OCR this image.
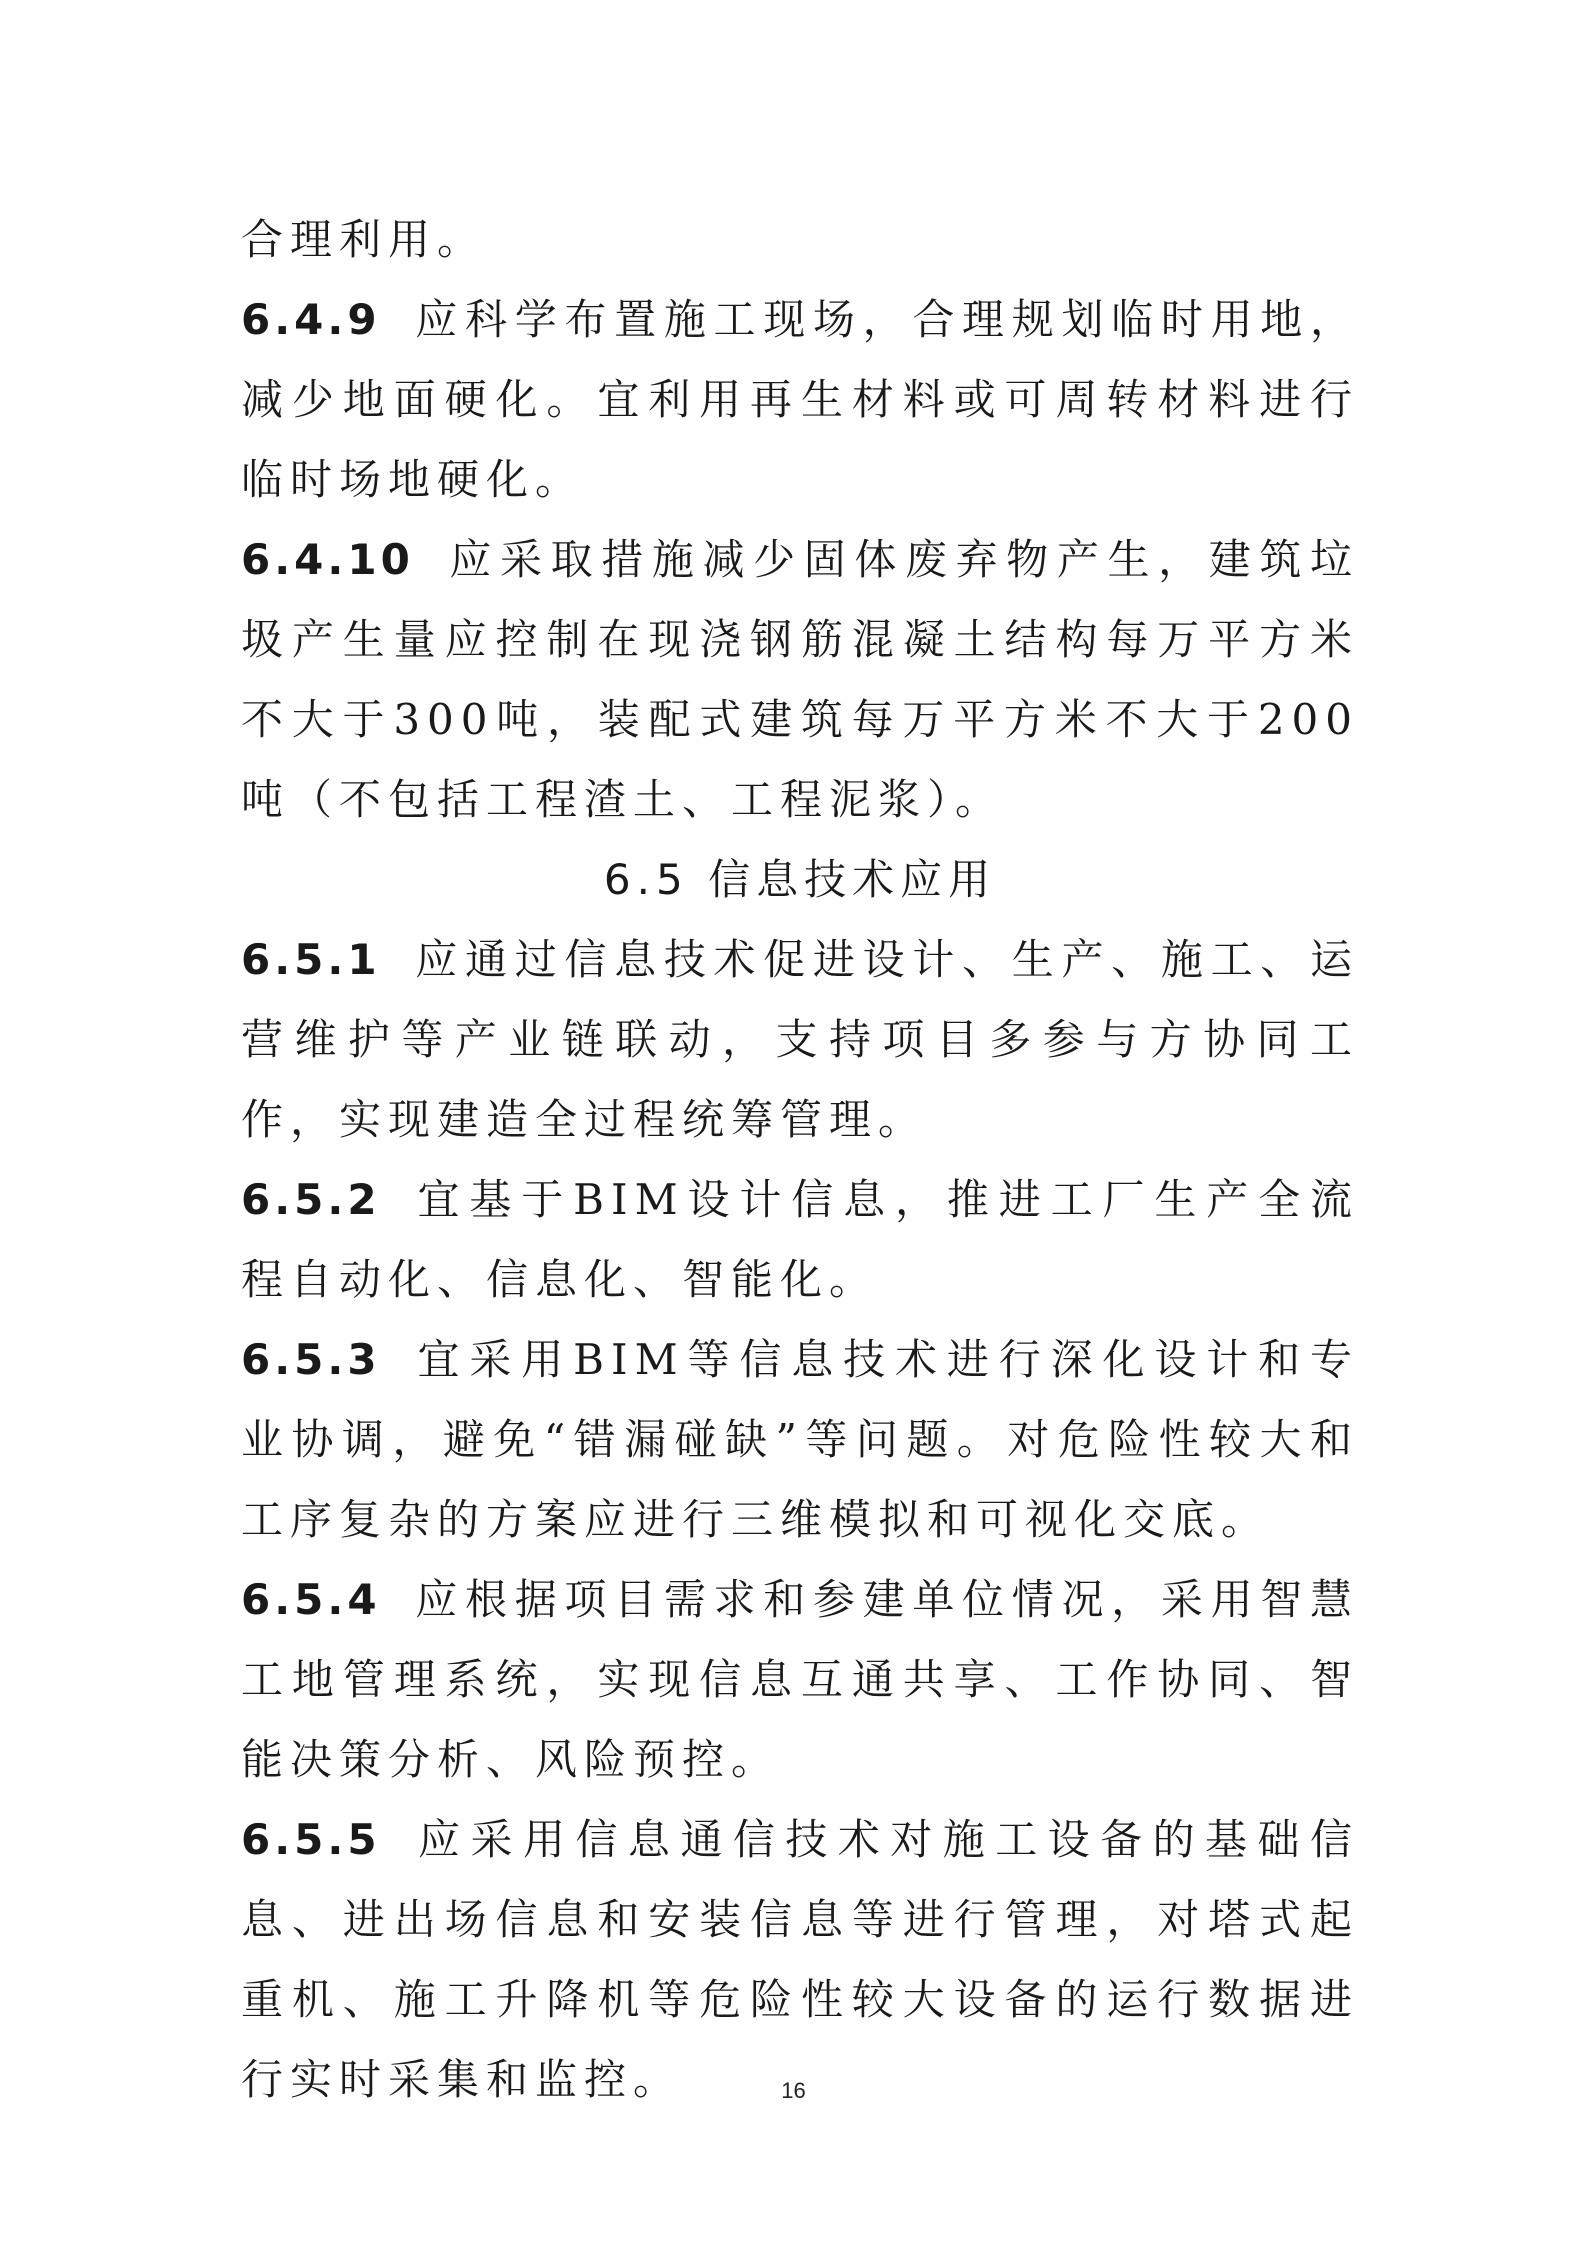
合理利用。

6.4.9 应科学布置施工现场，合理规划临时用地，减少地面硬化。宜利用再生材料或可周转材料进行临时场地硬化。

6.4.10 应采取措施减少固体废弃物产生，建筑垃圾产生量应控制在现浇钢筋混凝土结构每万平方米不大于300吨，装配式建筑每万平方米不大于200吨（不包括工程渣土、工程泥浆）。

6.5 信息技术应用

6.5.1 应通过信息技术促进设计、生产、施工、运营维护等产业链联动，支持项目多参与方协同工作，实现建造全过程统筹管理。

6.5.2 宜基于BIM设计信息，推进工厂生产全流程自动化、信息化、智能化。

6.5.3 宜采用BIM等信息技术进行深化设计和专业协调，避免“错漏碰缺”等问题。对危险性较大和工序复杂的方案应进行三维模拟和可视化交底。

6.5.4 应根据项目需求和参建单位情况，采用智慧工地管理系统，实现信息互通共享、工作协同、智能决策分析、风险预控。

6.5.5 应采用信息通信技术对施工设备的基础信息、进出场信息和安装信息等进行管理，对塔式起重机、施工升降机等危险性较大设备的运行数据进行实时采集和监控。	16
